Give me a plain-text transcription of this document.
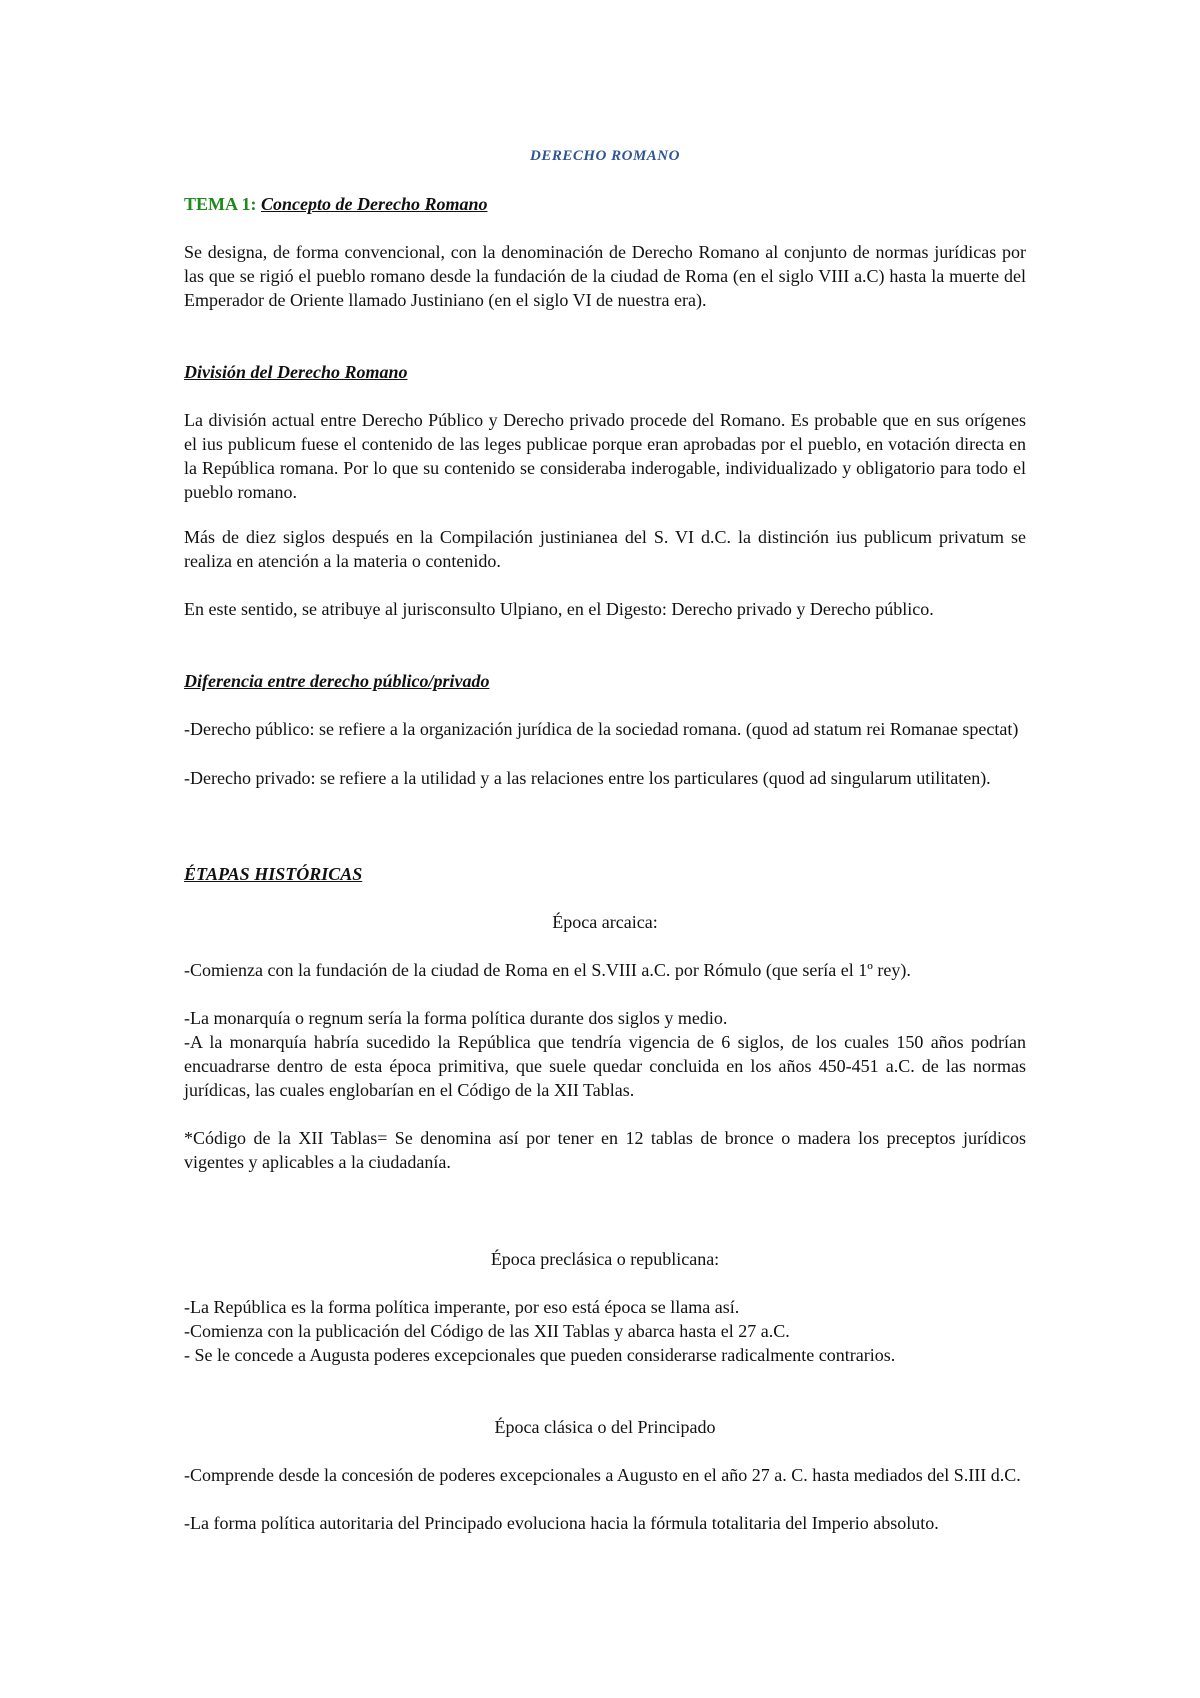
DERECHO ROMANO
TEMA 1: Concepto de Derecho Romano

Se designa, de forma convencional, con la denominación de Derecho Romano al conjunto de normas jurídicas por las que se rigió el pueblo romano desde la fundación de la ciudad de Roma (en el siglo VIII a.C) hasta la muerte del Emperador de Oriente llamado Justiniano (en el siglo VI de nuestra era).

División del Derecho Romano

La división actual entre Derecho Público y Derecho privado procede del Romano. Es probable que en sus orígenes el ius publicum fuese el contenido de las leges publicae porque eran aprobadas por el pueblo, en votación directa en la República romana. Por lo que su contenido se consideraba inderogable, individualizado y obligatorio para todo el pueblo romano.

Más de diez siglos después en la Compilación justinianea del S. VI d.C. la distinción ius publicum privatum se realiza en atención a la materia o contenido.

En este sentido, se atribuye al jurisconsulto Ulpiano, en el Digesto: Derecho privado y Derecho público.

Diferencia entre derecho público/privado

-Derecho público: se refiere a la organización jurídica de la sociedad romana. (quod ad statum rei Romanae spectat)

-Derecho privado: se refiere a la utilidad y a las relaciones entre los particulares (quod ad singularum utilitaten).

ÉTAPAS HISTÓRICAS
Época arcaica:

-Comienza con la fundación de la ciudad de Roma en el S.VIII a.C. por Rómulo (que sería el 1º rey).

-La monarquía o regnum sería la forma política durante dos siglos y medio.

-A la monarquía habría sucedido la República que tendría vigencia de 6 siglos, de los cuales 150 años podrían encuadrarse dentro de esta época primitiva, que suele quedar concluida en los años 450-451 a.C. de las normas jurídicas, las cuales englobarían en el Código de la XII Tablas.

*Código de la XII Tablas= Se denomina así por tener en 12 tablas de bronce o madera los preceptos jurídicos vigentes y aplicables a la ciudadanía.

Época preclásica o republicana:

-La República es la forma política imperante, por eso está época se llama así.

-Comienza con la publicación del Código de las XII Tablas y abarca hasta el 27 a.C.

- Se le concede a Augusta poderes excepcionales que pueden considerarse radicalmente contrarios.

Época clásica o del Principado

-Comprende desde la concesión de poderes excepcionales a Augusto en el año 27 a. C. hasta mediados del S.III d.C.

-La forma política autoritaria del Principado evoluciona hacia la fórmula totalitaria del Imperio absoluto.
